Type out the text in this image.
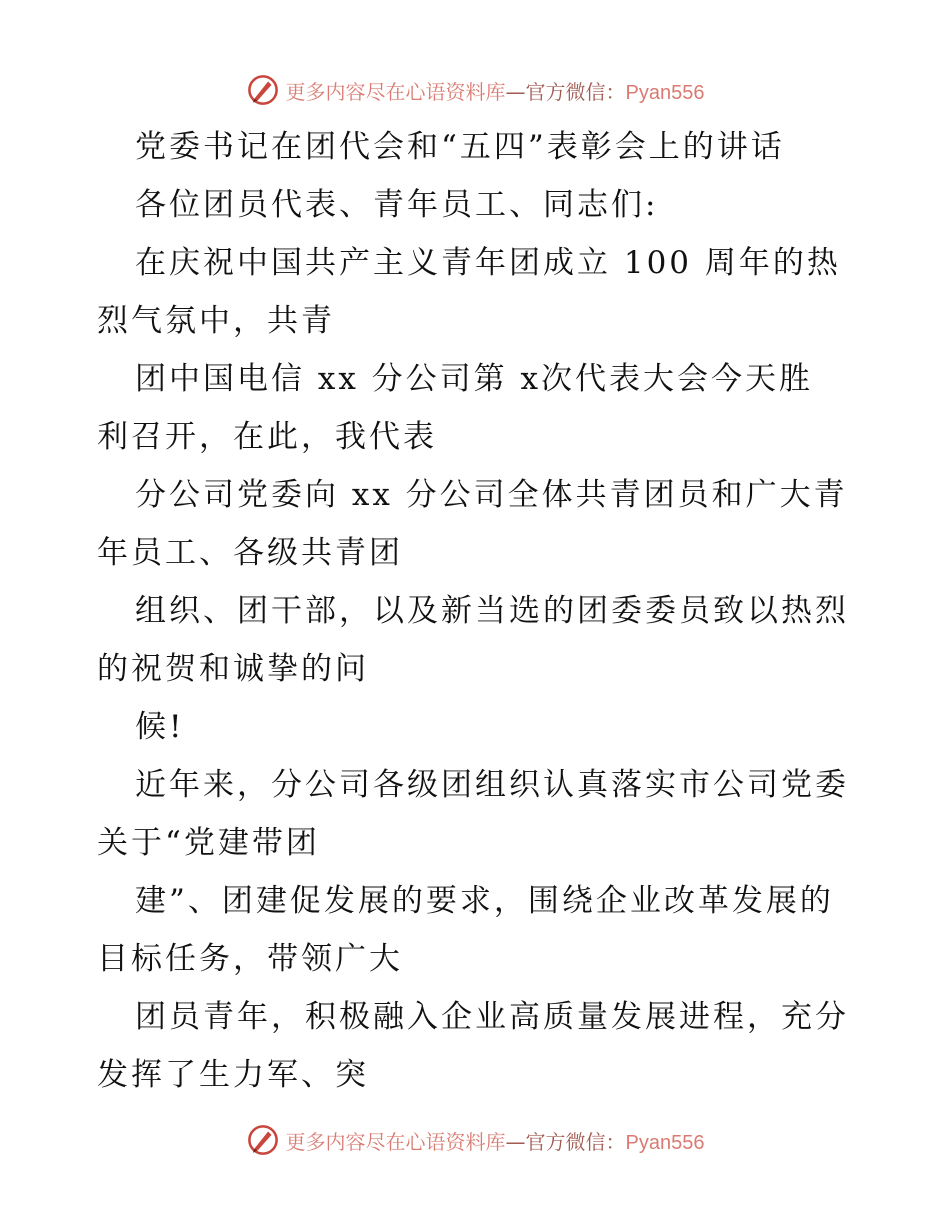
更多内容尽在心语资料库—官方微信：Pyan556
党委书记在团代会和“五四”表彰会上的讲话
各位团员代表、青年员工、同志们:
在庆祝中国共产主义青年团成立 100 周年的热
烈气氛中，共青
团中国电信 xx 分公司第 x次代表大会今天胜
利召开，在此，我代表
分公司党委向 xx 分公司全体共青团员和广大青
年员工、各级共青团
组织、团干部，以及新当选的团委委员致以热烈
的祝贺和诚挚的问
候!
近年来，分公司各级团组织认真落实市公司党委
关于“党建带团
建”、团建促发展的要求，围绕企业改革发展的
目标任务，带领广大
团员青年，积极融入企业高质量发展进程，充分
发挥了生力军、突
更多内容尽在心语资料库—官方微信：Pyan556
